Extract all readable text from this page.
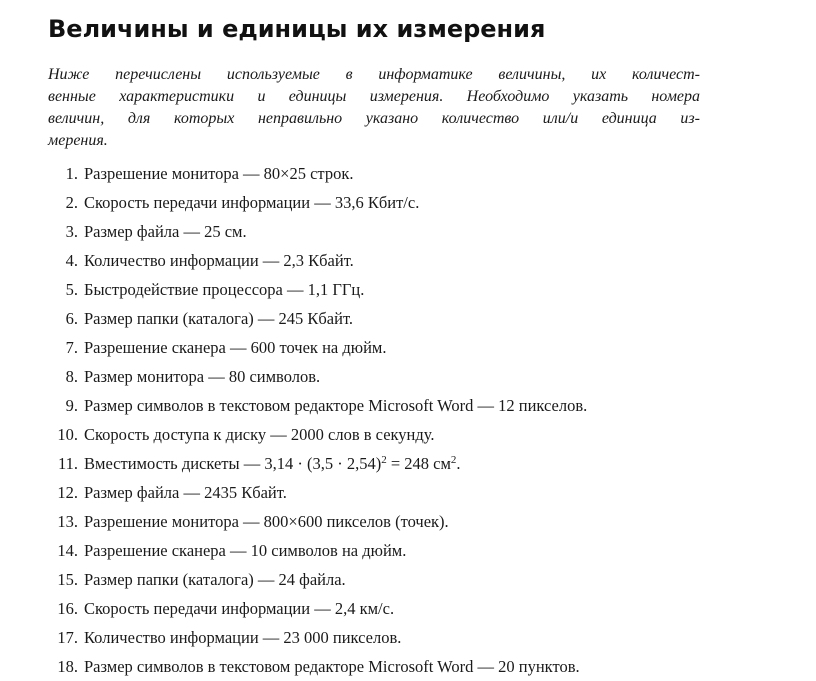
Величины и единицы их измерения

Ниже перечислены используемые в информатике величины, их количест-
венные характеристики и единицы измерения. Необходимо указать номера
величин, для которых неправильно указано количество или/и единица из-
мерения.

1. Разрешение монитора — 80×25 строк.
2. Скорость передачи информации — 33,6 Кбит/с.
3. Размер файла — 25 см.
4. Количество информации — 2,3 Кбайт.
5. Быстродействие процессора — 1,1 ГГц.
6. Размер папки (каталога) — 245 Кбайт.
7. Разрешение сканера — 600 точек на дюйм.
8. Размер монитора — 80 символов.
9. Размер символов в текстовом редакторе Microsoft Word — 12 пикселов.
10. Скорость доступа к диску — 2000 слов в секунду.
11. Вместимость дискеты — $3,14 \cdot (3,5 \cdot 2,54)^2 = 248$ $см^2$.
12. Размер файла — 2435 Кбайт.
13. Разрешение монитора — 800×600 пикселов (точек).
14. Разрешение сканера — 10 символов на дюйм.
15. Размер папки (каталога) — 24 файла.
16. Скорость передачи информации — 2,4 км/с.
17. Количество информации — 23 000 пикселов.
18. Размер символов в текстовом редакторе Microsoft Word — 20 пунктов.
